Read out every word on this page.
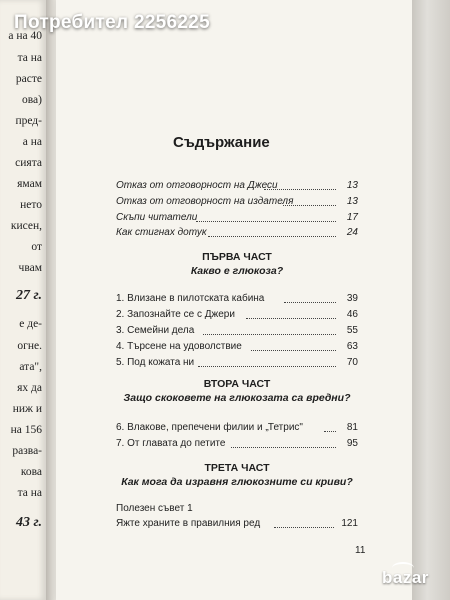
а на 40
та на
расте
ова)
пред-
а на
сията
ямам
нето
кисен,
от
чвам
27 г.
е де-
огне.
ата",
ях да
ниж и
на 156
разва-
кова
та на
43 г.
Потребител 2256225
Съдържание
Отказ от отговорност на Джеси	13
Отказ от отговорност на издателя	13
Скъпи читатели	17
Как стигнах дотук	24
ПЪРВА ЧАСТ
Какво е глюкоза?
1. Влизане в пилотската кабина	39
2. Запознайте се с Джери	46
3. Семейни дела	55
4. Търсене на удоволствие	63
5. Под кожата ни	70
ВТОРА ЧАСТ
Защо скоковете на глюкозата са вредни?
6. Влакове, препечени филии и „Тетрис"	81
7. От главата до петите	95
ТРЕТА ЧАСТ
Как мога да изравня глюкозните си криви?
Полезен съвет 1
Яжте храните в правилния ред	121
11
bazar
